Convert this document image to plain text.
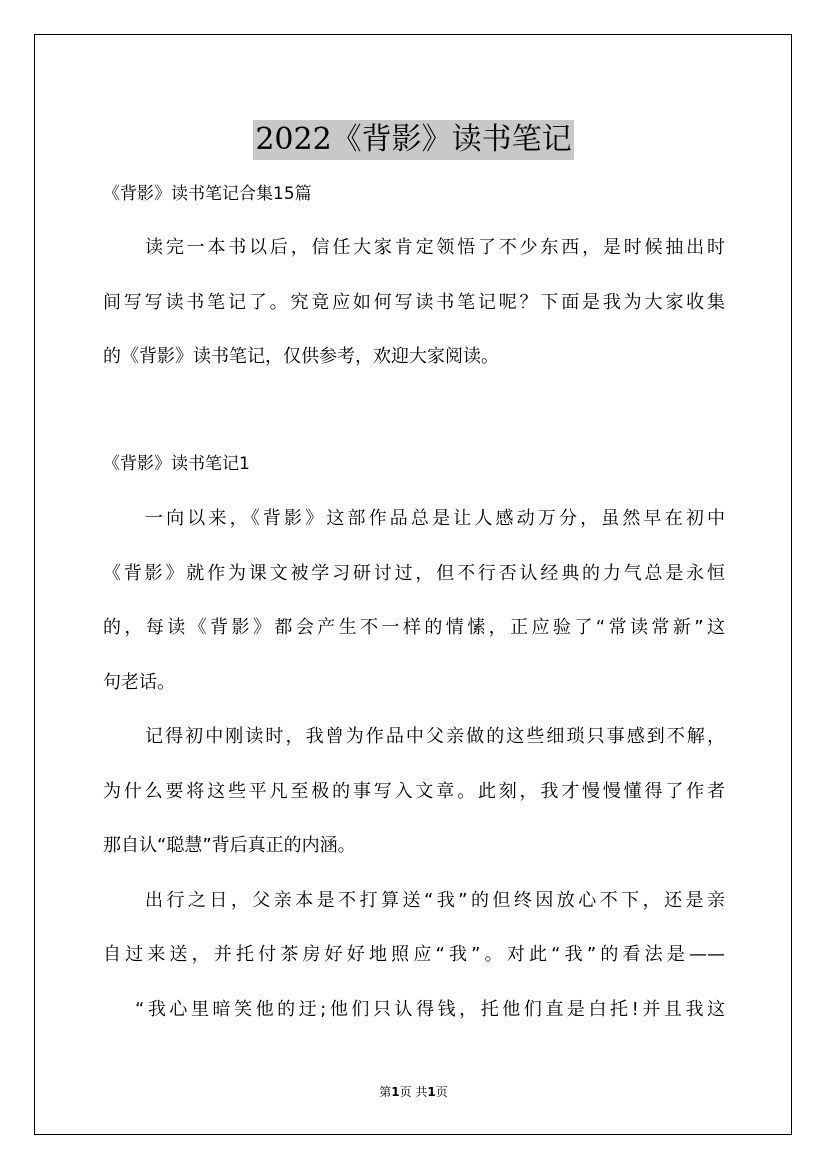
2022《背影》读书笔记

《背影》读书笔记合集15篇

读完一本书以后，信任大家肯定领悟了不少东西，是时候抽出时

间写写读书笔记了。究竟应如何写读书笔记呢？下面是我为大家收集

的《背影》读书笔记，仅供参考，欢迎大家阅读。

《背影》读书笔记1

一向以来，《背影》这部作品总是让人感动万分，虽然早在初中

《背影》就作为课文被学习研讨过，但不行否认经典的力气总是永恒

的，每读《背影》都会产生不一样的情愫，正应验了“常读常新”这

句老话。

记得初中刚读时，我曾为作品中父亲做的这些细琐只事感到不解，

为什么要将这些平凡至极的事写入文章。此刻，我才慢慢懂得了作者

那自认“聪慧”背后真正的内涵。

出行之日，父亲本是不打算送“我”的但终因放心不下，还是亲

自过来送，并托付茶房好好地照应“我”。对此“我”的看法是——

“我心里暗笑他的迂;他们只认得钱，托他们直是白托!并且我这

第1页 共1页
